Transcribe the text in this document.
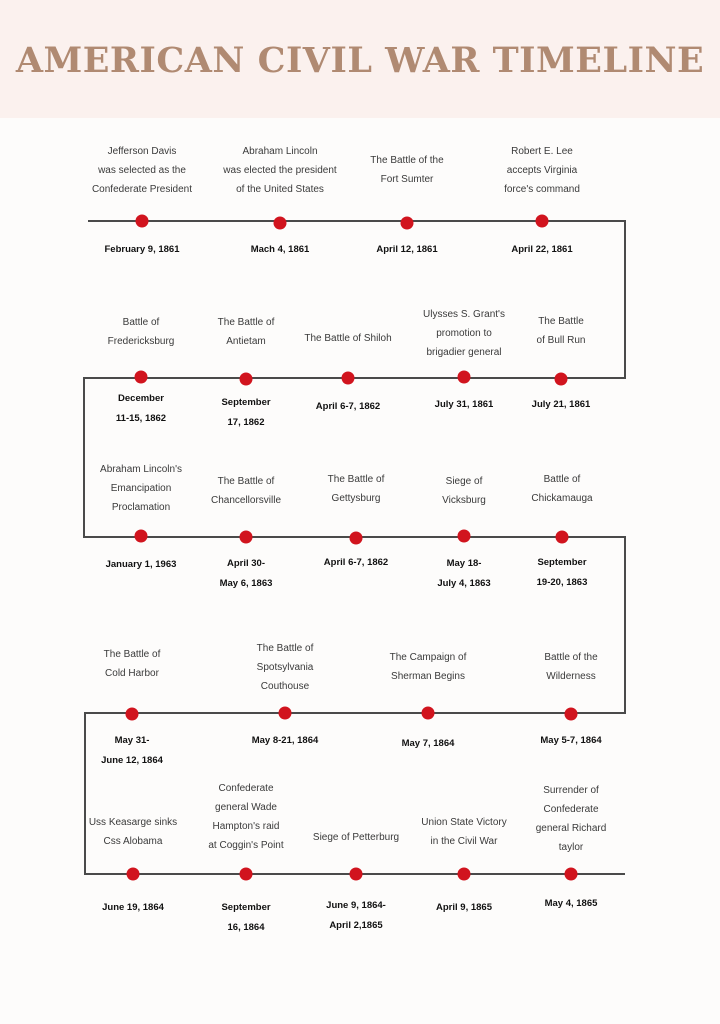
AMERICAN CIVIL WAR TIMELINE
Jefferson Davis
was selected as the
Confederate President
February 9, 1861
Abraham Lincoln
was elected the president
of the United States
Mach 4, 1861
The Battle of the
Fort Sumter
April 12, 1861
Robert E. Lee
accepts Virginia
force's command
April 22, 1861
The Battle
of Bull Run
July 21, 1861
Ulysses S. Grant's
promotion to
brigadier general
July 31, 1861
The Battle of Shiloh
April 6-7, 1862
The Battle of
Antietam
September
17, 1862
Battle of
Fredericksburg
December
11-15, 1862
Abraham Lincoln's
Emancipation
Proclamation
January 1, 1963
The Battle of
Chancellorsville
April 30-
May 6, 1863
The Battle of
Gettysburg
April 6-7, 1862
Siege of
Vicksburg
May 18-
July 4, 1863
Battle of
Chickamauga
September
19-20, 1863
Battle of the
Wilderness
May 5-7, 1864
The Campaign of
Sherman Begins
May 7, 1864
The Battle of
Spotsylvania
Couthouse
May 8-21, 1864
The Battle of
Cold Harbor
May 31-
June 12, 1864
Uss Keasarge sinks
Css Alobama
June 19, 1864
Confederate
general Wade
Hampton's raid
at Coggin's Point
September
16, 1864
Siege of Petterburg
June 9, 1864-
April 2,1865
Union State Victory
in the Civil War
April 9, 1865
Surrender of
Confederate
general Richard
taylor
May 4, 1865
